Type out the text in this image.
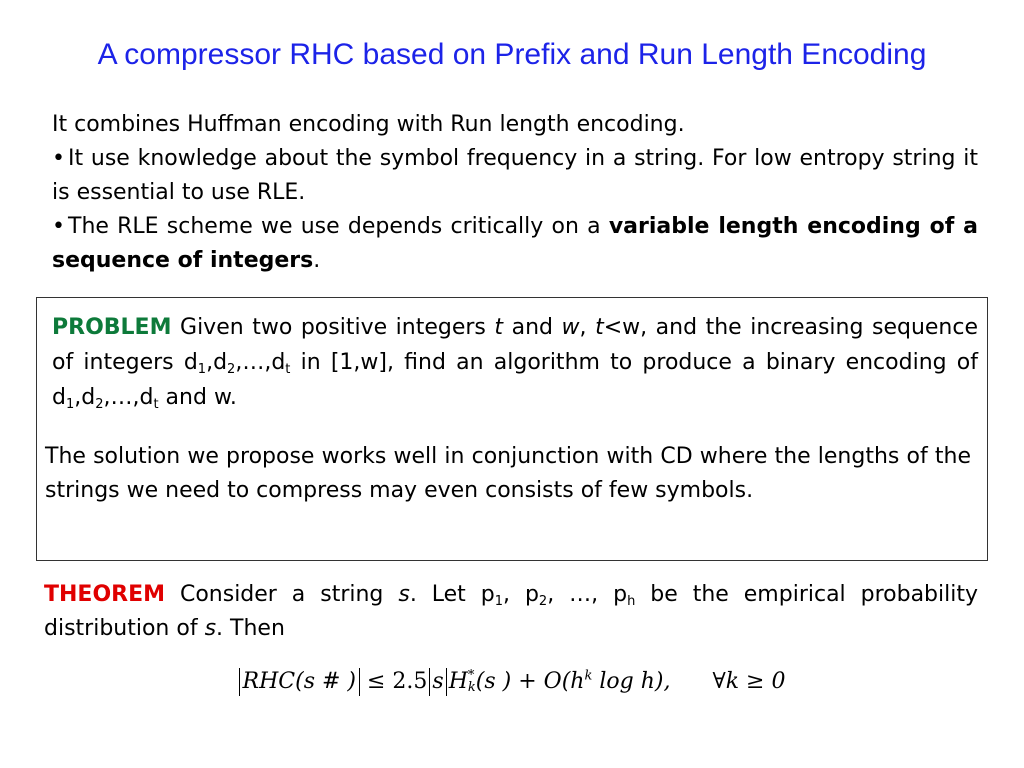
A compressor RHC based on Prefix and Run Length Encoding

It combines Huffman encoding with Run length encoding.

• It use knowledge about the symbol frequency in a string. For low entropy string it is essential to use RLE.

• The RLE scheme we use depends critically on a variable length encoding of a sequence of integers.

PROBLEM Given two positive integers t and w, t<w, and the increasing sequence of integers $d_1,d_2,\dots,d_t$ in [1,w], find an algorithm to produce a binary encoding of $d_1,d_2,\dots,d_t$ and w.
The solution we propose works well in conjunction with CD where the lengths of the strings we need to compress may even consists of few symbols.
THEOREM Consider a string s. Let $p_1$, $p_2$, …, $p_h$ be the empirical probability distribution of s. Then
RHC(s # ) ≤ 2.5 s H*
k(s ) + $O(h^k$ log h), ∀k ≥ 0
